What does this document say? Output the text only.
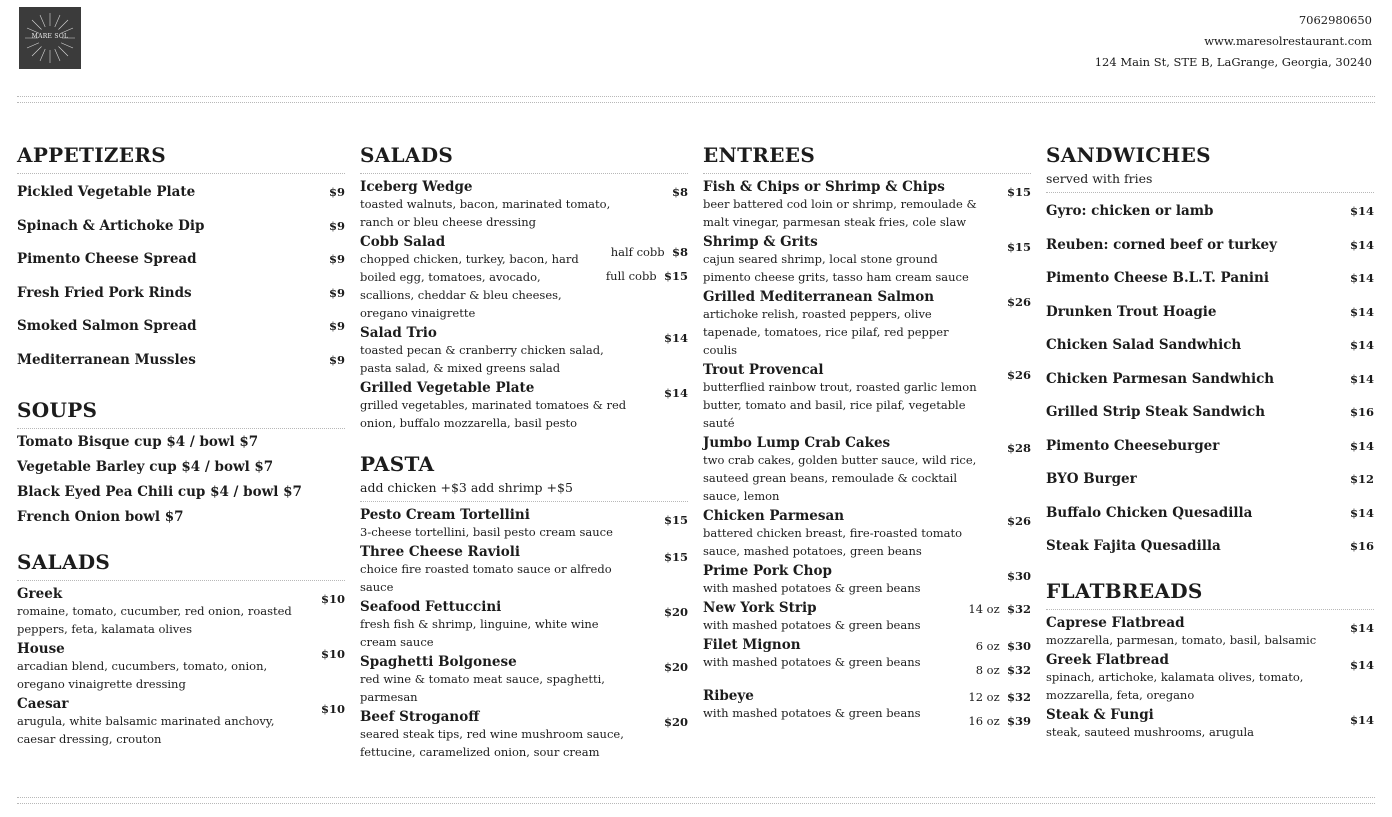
MARE SOL
7062980650
www.maresolrestaurant.com
124 Main St, STE B, LaGrange, Georgia, 30240
APPETIZERS
Pickled Vegetable Plate	$9
Spinach & Artichoke Dip	$9
Pimento Cheese Spread	$9
Fresh Fried Pork Rinds	$9
Smoked Salmon Spread	$9
Mediterranean Mussles	$9
SOUPS
Tomato Bisque cup $4 / bowl $7
Vegetable Barley cup $4 / bowl $7
Black Eyed Pea Chili cup $4 / bowl $7
French Onion bowl $7
SALADS
Greek
romaine, tomato, cucumber, red onion, roasted peppers, feta, kalamata olives
$10
House
arcadian blend, cucumbers, tomato, onion, oregano vinaigrette dressing
$10
Caesar
arugula, white balsamic marinated anchovy, caesar dressing, crouton
$10
SALADS
Iceberg Wedge
toasted walnuts, bacon, marinated tomato, ranch or bleu cheese dressing
$8
Cobb Salad
chopped chicken, turkey, bacon, hard boiled egg, tomatoes, avocado, scallions, cheddar & bleu cheeses, oregano vinaigrette
half cobb $8
full cobb $15
Salad Trio
toasted pecan & cranberry chicken salad, pasta salad, & mixed greens salad
$14
Grilled Vegetable Plate
grilled vegetables, marinated tomatoes & red onion, buffalo mozzarella, basil pesto
$14
PASTA
add chicken +$3 add shrimp +$5
Pesto Cream Tortellini
3-cheese tortellini, basil pesto cream sauce
$15
Three Cheese Ravioli
choice fire roasted tomato sauce or alfredo sauce
$15
Seafood Fettuccini
fresh fish & shrimp, linguine, white wine cream sauce
$20
Spaghetti Bolgonese
red wine & tomato meat sauce, spaghetti, parmesan
$20
Beef Stroganoff
seared steak tips, red wine mushroom sauce, fettucine, caramelized onion, sour cream
$20
ENTREES
Fish & Chips or Shrimp & Chips
beer battered cod loin or shrimp, remoulade & malt vinegar, parmesan steak fries, cole slaw
$15
Shrimp & Grits
cajun seared shrimp, local stone ground pimento cheese grits, tasso ham cream sauce
$15
Grilled Mediterranean Salmon
artichoke relish, roasted peppers, olive tapenade, tomatoes, rice pilaf, red pepper coulis
$26
Trout Provencal
butterflied rainbow trout, roasted garlic lemon butter, tomato and basil, rice pilaf, vegetable sauté
$26
Jumbo Lump Crab Cakes
two crab cakes, golden butter sauce, wild rice, sauteed grean beans, remoulade & cocktail sauce, lemon
$28
Chicken Parmesan
battered chicken breast, fire-roasted tomato sauce, mashed potatoes, green beans
$26
Prime Pork Chop
with mashed potatoes & green beans
$30
New York Strip
with mashed potatoes & green beans
14 oz $32
Filet Mignon
with mashed potatoes & green beans
6 oz $30
8 oz $32
Ribeye
with mashed potatoes & green beans
12 oz $32
16 oz $39
SANDWICHES
served with fries
Gyro: chicken or lamb	$14
Reuben: corned beef or turkey	$14
Pimento Cheese B.L.T. Panini	$14
Drunken Trout Hoagie	$14
Chicken Salad Sandwhich	$14
Chicken Parmesan Sandwhich	$14
Grilled Strip Steak Sandwich	$16
Pimento Cheeseburger	$14
BYO Burger	$12
Buffalo Chicken Quesadilla	$14
Steak Fajita Quesadilla	$16
FLATBREADS
Caprese Flatbread
mozzarella, parmesan, tomato, basil, balsamic
$14
Greek Flatbread
spinach, artichoke, kalamata olives, tomato, mozzarella, feta, oregano
$14
Steak & Fungi
steak, sauteed mushrooms, arugula
$14
